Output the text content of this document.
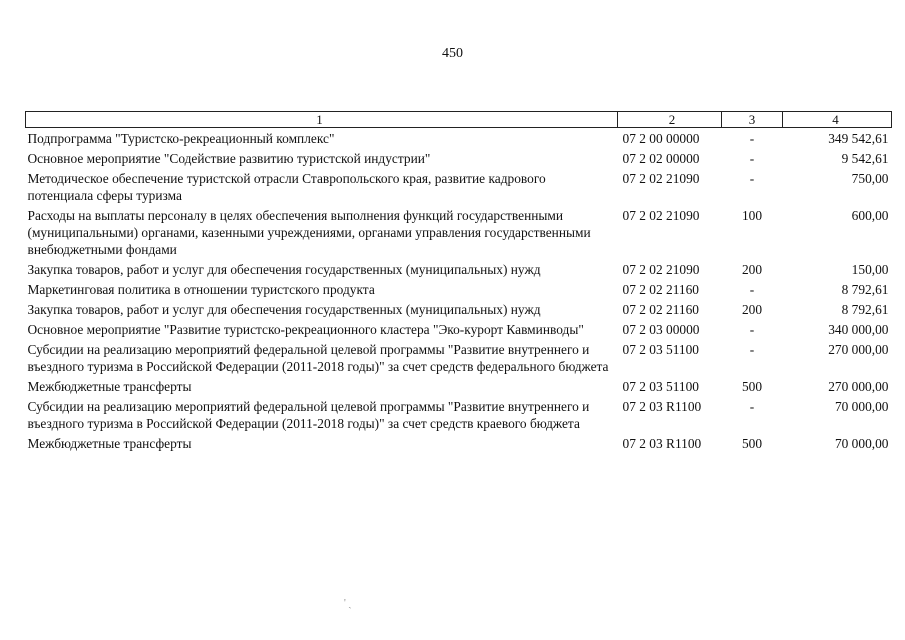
450
1	2	3	4
Подпрограмма "Туристско-рекреационный комплекс"	07 2 00 00000	-	349 542,61
Основное мероприятие "Содействие развитию туристской индустрии"	07 2 02 00000	-	9 542,61
Методическое обеспечение туристской отрасли Ставропольского края, развитие кадрового потенциала сферы туризма	07 2 02 21090	-	750,00
Расходы на выплаты персоналу в целях обеспечения выполнения функций государственными (муниципальными) органами, казенными учреждениями, органами управления государственными внебюджетными фондами	07 2 02 21090	100	600,00
Закупка товаров, работ и услуг для обеспечения государственных (муниципальных) нужд	07 2 02 21090	200	150,00
Маркетинговая политика в отношении туристского продукта	07 2 02 21160	-	8 792,61
Закупка товаров, работ и услуг для обеспечения государственных (муниципальных) нужд	07 2 02 21160	200	8 792,61
Основное мероприятие "Развитие туристско-рекреационного кластера "Эко-курорт Кавминводы"	07 2 03 00000	-	340 000,00
Субсидии на реализацию мероприятий федеральной целевой программы "Развитие внутреннего и въездного туризма в Российской Федерации (2011-2018 годы)" за счет средств федерального бюджета	07 2 03 51100	-	270 000,00
Межбюджетные трансферты	07 2 03 51100	500	270 000,00
Субсидии на реализацию мероприятий федеральной целевой программы "Развитие внутреннего и въездного туризма в Российской Федерации (2011-2018 годы)" за счет средств краевого бюджета	07 2 03 R1100	-	70 000,00
Межбюджетные трансферты	07 2 03 R1100	500	70 000,00
' ˎ
